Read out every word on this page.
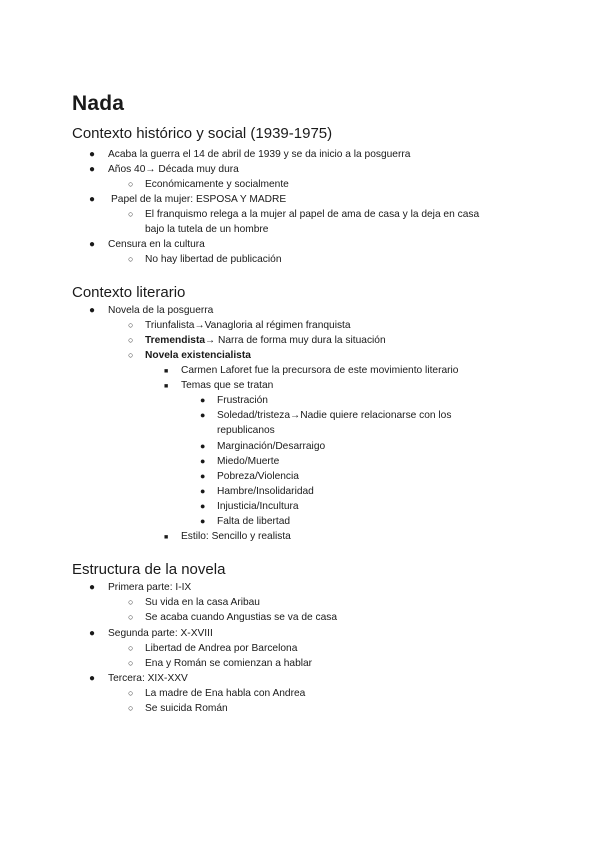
Nada
Contexto histórico y social (1939-1975)
● Acaba la guerra el 14 de abril de 1939 y se da inicio a la posguerra
● Años 40→ Década muy dura
○ Económicamente y socialmente
● Papel de la mujer: ESPOSA Y MADRE
○ El franquismo relega a la mujer al papel de ama de casa y la deja en casa
bajo la tutela de un hombre
● Censura en la cultura
○ No hay libertad de publicación
Contexto literario
● Novela de la posguerra
○ Triunfalista→Vanagloria al régimen franquista
○ Tremendista→ Narra de forma muy dura la situación
○ Novela existencialista
■ Carmen Laforet fue la precursora de este movimiento literario
■ Temas que se tratan
● Frustración
● Soledad/tristeza→Nadie quiere relacionarse con los
republicanos
● Marginación/Desarraigo
● Miedo/Muerte
● Pobreza/Violencia
● Hambre/Insolidaridad
● Injusticia/Incultura
● Falta de libertad
■ Estilo: Sencillo y realista
Estructura de la novela
● Primera parte: I-IX
○ Su vida en la casa Aribau
○ Se acaba cuando Angustias se va de casa
● Segunda parte: X-XVIII
○ Libertad de Andrea por Barcelona
○ Ena y Román se comienzan a hablar
● Tercera: XIX-XXV
○ La madre de Ena habla con Andrea
○ Se suicida Román
